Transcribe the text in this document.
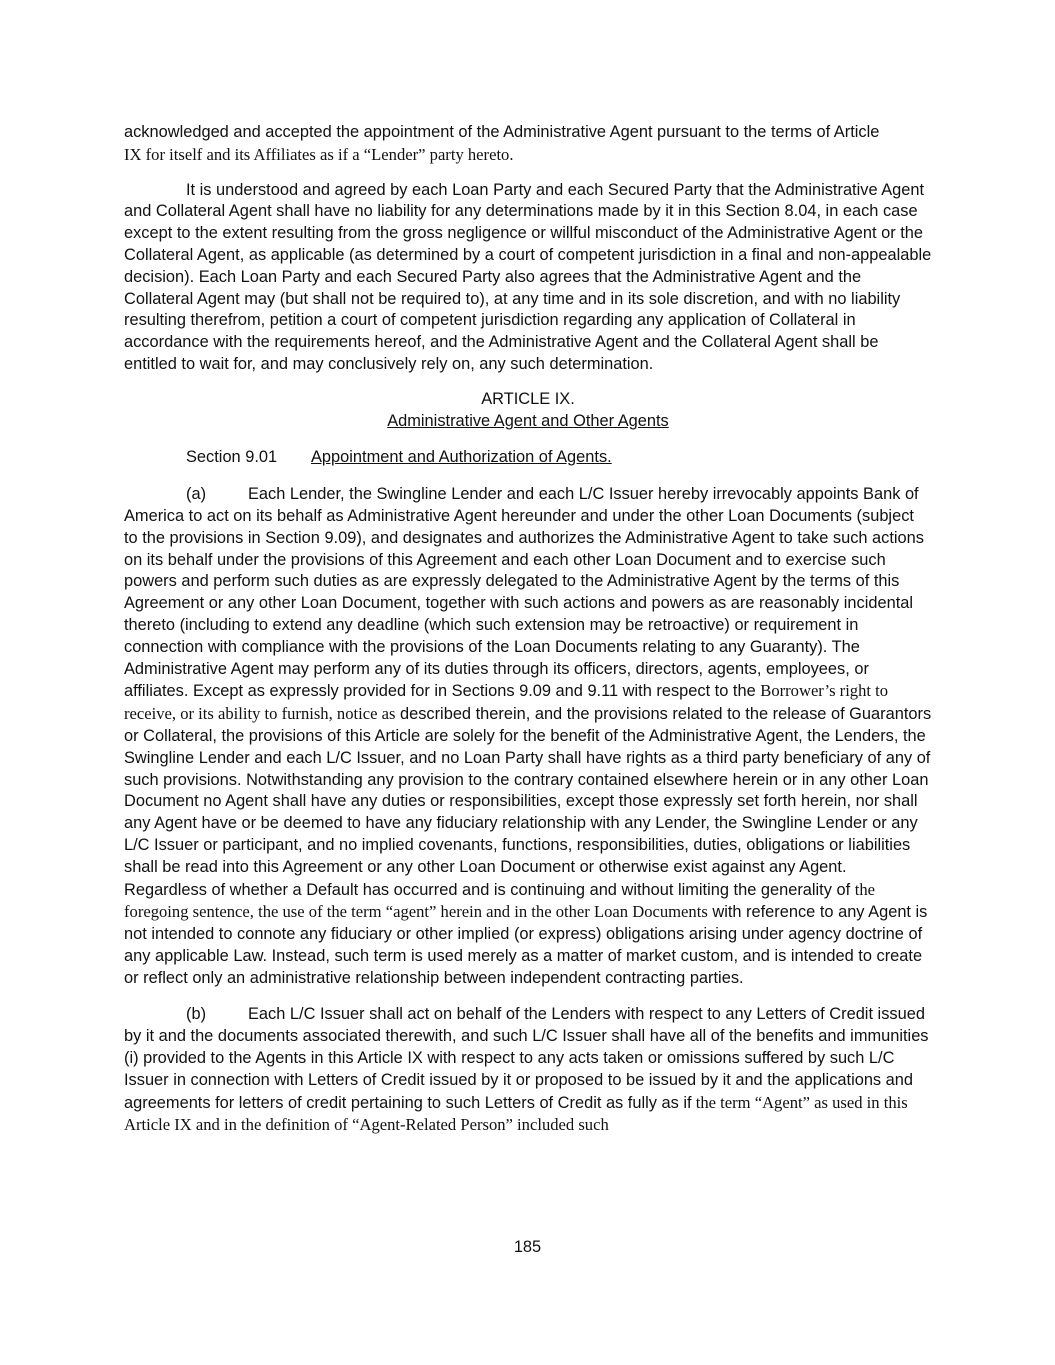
acknowledged and accepted the appointment of the Administrative Agent pursuant to the terms of Article
IX for itself and its Affiliates as if a “Lender” party hereto.

It is understood and agreed by each Loan Party and each Secured Party that the Administrative Agent and Collateral Agent shall have no liability for any determinations made by it in this Section 8.04, in each case except to the extent resulting from the gross negligence or willful misconduct of the Administrative Agent or the Collateral Agent, as applicable (as determined by a court of competent jurisdiction in a final and non-appealable decision). Each Loan Party and each Secured Party also agrees that the Administrative Agent and the Collateral Agent may (but shall not be required to), at any time and in its sole discretion, and with no liability resulting therefrom, petition a court of competent jurisdiction regarding any application of Collateral in accordance with the requirements hereof, and the Administrative Agent and the Collateral Agent shall be entitled to wait for, and may conclusively rely on, any such determination.

ARTICLE IX.
Administrative Agent and Other Agents
Section 9.01 Appointment and Authorization of Agents.

(a)	Each Lender, the Swingline Lender and each L/C Issuer hereby irrevocably appoints Bank of America to act on its behalf as Administrative Agent hereunder and under the other Loan Documents (subject to the provisions in Section 9.09), and designates and authorizes the Administrative Agent to take such actions on its behalf under the provisions of this Agreement and each other Loan Document and to exercise such powers and perform such duties as are expressly delegated to the Administrative Agent by the terms of this Agreement or any other Loan Document, together with such actions and powers as are reasonably incidental thereto (including to extend any deadline (which such extension may be retroactive) or requirement in connection with compliance with the provisions of the Loan Documents relating to any Guaranty). The Administrative Agent may perform any of its duties through its officers, directors, agents, employees, or affiliates. Except as expressly provided for in Sections 9.09 and 9.11 with respect to the Borrower’s right to receive, or its ability to furnish, notice as described therein, and the provisions related to the release of Guarantors or Collateral, the provisions of this Article are solely for the benefit of the Administrative Agent, the Lenders, the Swingline Lender and each L/C Issuer, and no Loan Party shall have rights as a third party beneficiary of any of such provisions. Notwithstanding any provision to the contrary contained elsewhere herein or in any other Loan Document no Agent shall have any duties or responsibilities, except those expressly set forth herein, nor shall any Agent have or be deemed to have any fiduciary relationship with any Lender, the Swingline Lender or any L/C Issuer or participant, and no implied covenants, functions, responsibilities, duties, obligations or liabilities shall be read into this Agreement or any other Loan Document or otherwise exist against any Agent. Regardless of whether a Default has occurred and is continuing and without limiting the generality of the foregoing sentence, the use of the term “agent” herein and in the other Loan Documents with reference to any Agent is not intended to connote any fiduciary or other implied (or express) obligations arising under agency doctrine of any applicable Law. Instead, such term is used merely as a matter of market custom, and is intended to create or reflect only an administrative relationship between independent contracting parties.

(b)	Each L/C Issuer shall act on behalf of the Lenders with respect to any Letters of Credit issued by it and the documents associated therewith, and such L/C Issuer shall have all of the benefits and immunities (i) provided to the Agents in this Article IX with respect to any acts taken or omissions suffered by such L/C Issuer in connection with Letters of Credit issued by it or proposed to be issued by it and the applications and agreements for letters of credit pertaining to such Letters of Credit as fully as if the term “Agent” as used in this Article IX and in the definition of “Agent-Related Person” included such

185
